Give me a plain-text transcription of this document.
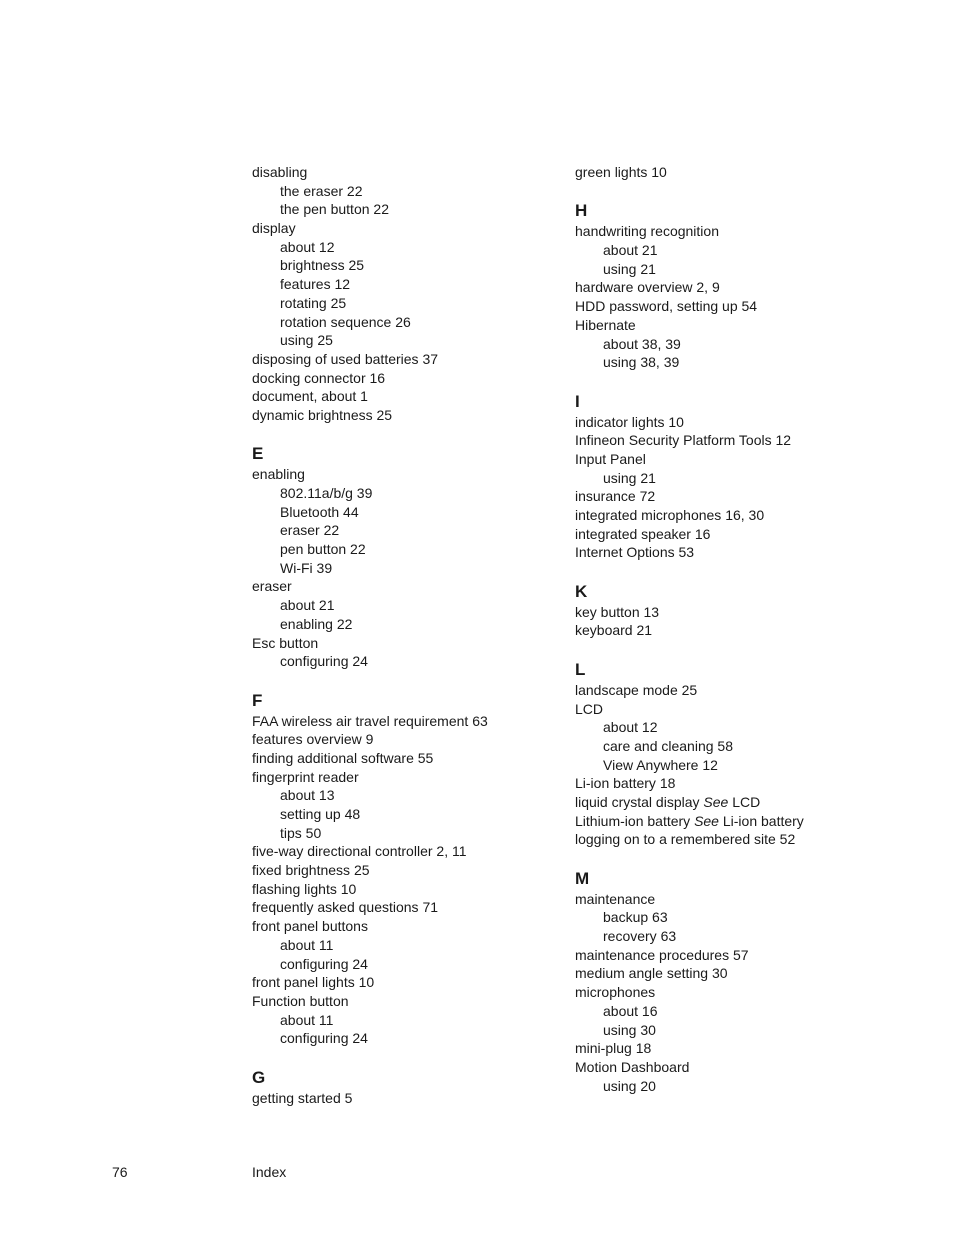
disabling
the eraser 22
the pen button 22
display
about 12
brightness 25
features 12
rotating 25
rotation sequence 26
using 25
disposing of used batteries 37
docking connector 16
document, about 1
dynamic brightness 25
E
enabling
802.11a/b/g 39
Bluetooth 44
eraser 22
pen button 22
Wi-Fi 39
eraser
about 21
enabling 22
Esc button
configuring 24
F
FAA wireless air travel requirement 63
features overview 9
finding additional software 55
fingerprint reader
about 13
setting up 48
tips 50
five-way directional controller 2, 11
fixed brightness 25
flashing lights 10
frequently asked questions 71
front panel buttons
about 11
configuring 24
front panel lights 10
Function button
about 11
configuring 24
G
getting started 5
green lights 10
H
handwriting recognition
about 21
using 21
hardware overview 2, 9
HDD password, setting up 54
Hibernate
about 38, 39
using 38, 39
I
indicator lights 10
Infineon Security Platform Tools 12
Input Panel
using 21
insurance 72
integrated microphones 16, 30
integrated speaker 16
Internet Options 53
K
key button 13
keyboard 21
L
landscape mode 25
LCD
about 12
care and cleaning 58
View Anywhere 12
Li-ion battery 18
liquid crystal display See LCD
Lithium-ion battery See Li-ion battery
logging on to a remembered site 52
M
maintenance
backup 63
recovery 63
maintenance procedures 57
medium angle setting 30
microphones
about 16
using 30
mini-plug 18
Motion Dashboard
using 20
76	Index
